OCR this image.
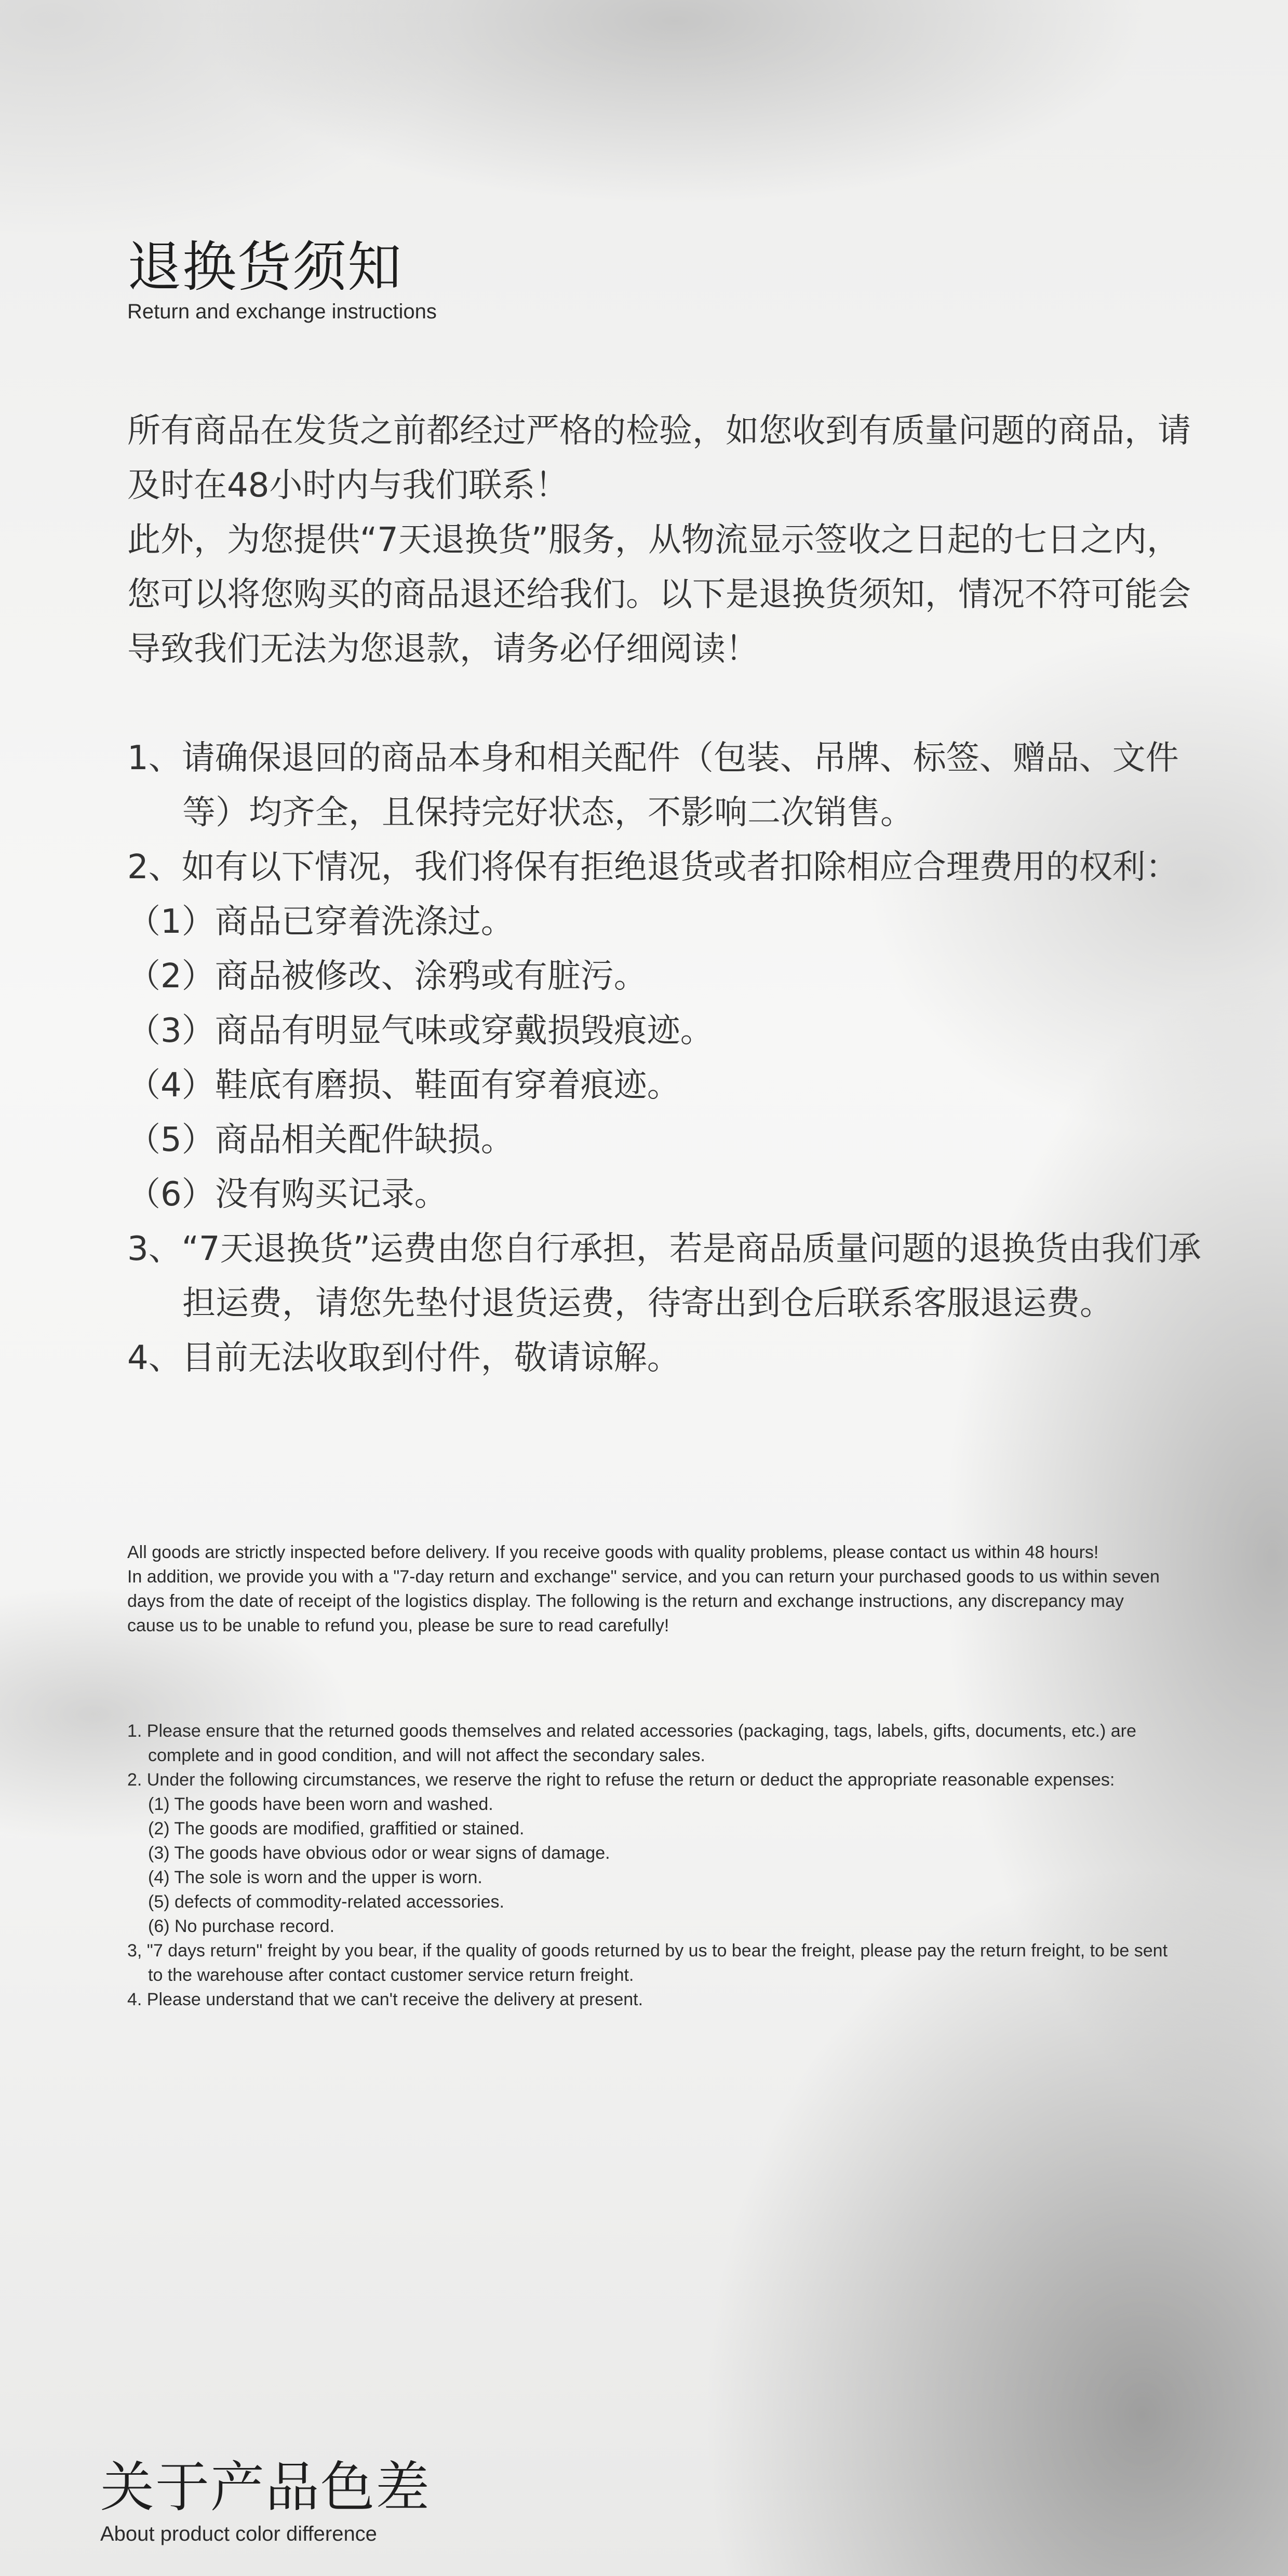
退换货须知
Return and exchange instructions

所有商品在发货之前都经过严格的检验，如您收到有质量问题的商品，请及时在48小时内与我们联系！

此外，为您提供“7天退换货”服务，从物流显示签收之日起的七日之内，您可以将您购买的商品退还给我们。以下是退换货须知，情况不符可能会导致我们无法为您退款，请务必仔细阅读！

1、请确保退回的商品本身和相关配件（包装、吊牌、标签、赠品、文件等）均齐全，且保持完好状态，不影响二次销售。

2、如有以下情况，我们将保有拒绝退货或者扣除相应合理费用的权利：

（1）商品已穿着洗涤过。

（2）商品被修改、涂鸦或有脏污。

（3）商品有明显气味或穿戴损毁痕迹。

（4）鞋底有磨损、鞋面有穿着痕迹。

（5）商品相关配件缺损。

（6）没有购买记录。

3、“7天退换货”运费由您自行承担，若是商品质量问题的退换货由我们承担运费，请您先垫付退货运费，待寄出到仓后联系客服退运费。

4、目前无法收取到付件，敬请谅解。

All goods are strictly inspected before delivery. If you receive goods with quality problems, please contact us within 48 hours!

In addition, we provide you with a "7-day return and exchange" service, and you can return your purchased goods to us within seven days from the date of receipt of the logistics display. The following is the return and exchange instructions, any discrepancy may cause us to be unable to refund you, please be sure to read carefully!

1. Please ensure that the returned goods themselves and related accessories (packaging, tags, labels, gifts, documents, etc.) are complete and in good condition, and will not affect the secondary sales.

2. Under the following circumstances, we reserve the right to refuse the return or deduct the appropriate reasonable expenses:

(1) The goods have been worn and washed.

(2) The goods are modified, graffitied or stained.

(3) The goods have obvious odor or wear signs of damage.

(4) The sole is worn and the upper is worn.

(5) defects of commodity-related accessories.

(6) No purchase record.

3, "7 days return" freight by you bear, if the quality of goods returned by us to bear the freight, please pay the return freight, to be sent to the warehouse after contact customer service return freight.

4. Please understand that we can't receive the delivery at present.

关于产品色差
About product color difference
